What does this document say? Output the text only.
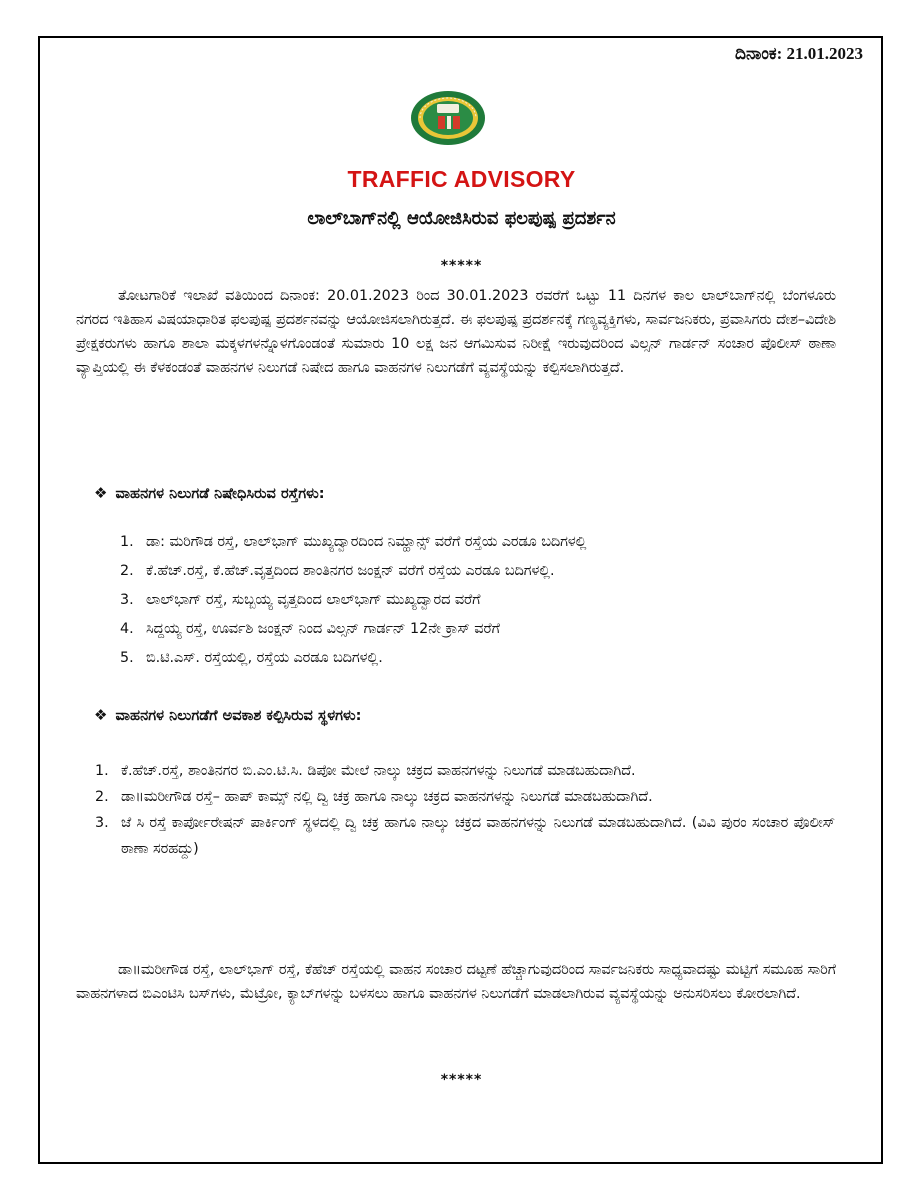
ದಿನಾಂಕ: 21.01.2023
TRAFFIC ADVISORY
ಲಾಲ್‌ಬಾಗ್‌ನಲ್ಲಿ ಆಯೋಜಿಸಿರುವ ಫಲಪುಷ್ಪ ಪ್ರದರ್ಶನ
*****

ತೋಟಗಾರಿಕೆ ಇಲಾಖೆ ವತಿಯಿಂದ ದಿನಾಂಕ: 20.01.2023 ರಿಂದ 30.01.2023 ರವರೆಗೆ ಒಟ್ಟು 11 ದಿನಗಳ ಕಾಲ ಲಾಲ್‌ಬಾಗ್‌ನಲ್ಲಿ ಬೆಂಗಳೂರು ನಗರದ ಇತಿಹಾಸ ವಿಷಯಾಧಾರಿತ ಫಲಪುಷ್ಪ ಪ್ರದರ್ಶನವನ್ನು ಆಯೋಜಿಸಲಾಗಿರುತ್ತದೆ. ಈ ಫಲಪುಷ್ಪ ಪ್ರದರ್ಶನಕ್ಕೆ ಗಣ್ಯವ್ಯಕ್ತಿಗಳು, ಸಾರ್ವಜನಿಕರು, ಪ್ರವಾಸಿಗರು ದೇಶ–ವಿದೇಶಿ ಪ್ರೇಕ್ಷಕರುಗಳು ಹಾಗೂ ಶಾಲಾ ಮಕ್ಕಳಗಳನ್ನೊಳಗೊಂಡಂತೆ ಸುಮಾರು 10 ಲಕ್ಷ ಜನ ಆಗಮಿಸುವ ನಿರೀಕ್ಷೆ ಇರುವುದರಿಂದ ವಿಲ್ಸನ್ ಗಾರ್ಡನ್ ಸಂಚಾರ ಪೊಲೀಸ್ ಠಾಣಾ ವ್ಯಾಪ್ತಿಯಲ್ಲಿ ಈ ಕೆಳಕಂಡಂತೆ ವಾಹನಗಳ ನಿಲುಗಡೆ ನಿಷೇದ ಹಾಗೂ ವಾಹನಗಳ ನಿಲುಗಡೆಗೆ ವ್ಯವಸ್ಥೆಯನ್ನು ಕಲ್ಪಿಸಲಾಗಿರುತ್ತದೆ.

❖ ವಾಹನಗಳ ನಿಲುಗಡೆ ನಿಷೇಧಿಸಿರುವ ರಸ್ತೆಗಳು:
1. ಡಾ: ಮರಿಗೌಡ ರಸ್ತೆ, ಲಾಲ್‌ಭಾಗ್ ಮುಖ್ಯದ್ವಾರದಿಂದ ನಿಮ್ಹಾನ್ಸ್ ವರೆಗೆ ರಸ್ತೆಯ ಎರಡೂ ಬದಿಗಳಲ್ಲಿ
2. ಕೆ.ಹೆಚ್.ರಸ್ತೆ, ಕೆ.ಹೆಚ್.ವೃತ್ತದಿಂದ ಶಾಂತಿನಗರ ಜಂಕ್ಷನ್ ವರೆಗೆ ರಸ್ತೆಯ ಎರಡೂ ಬದಿಗಳಲ್ಲಿ.
3. ಲಾಲ್‌ಭಾಗ್ ರಸ್ತೆ, ಸುಬ್ಬಯ್ಯ ವೃತ್ತದಿಂದ ಲಾಲ್‌ಭಾಗ್ ಮುಖ್ಯದ್ವಾರದ ವರೆಗೆ
4. ಸಿದ್ದಯ್ಯ ರಸ್ತೆ, ಊರ್ವಶಿ ಜಂಕ್ಷನ್ ನಿಂದ ವಿಲ್ಸನ್ ಗಾರ್ಡನ್ 12ನೇ ಕ್ರಾಸ್ ವರೆಗೆ
5. ಬಿ.ಟಿ.ಎಸ್. ರಸ್ತೆಯಲ್ಲಿ, ರಸ್ತೆಯ ಎರಡೂ ಬದಿಗಳಲ್ಲಿ.
❖ ವಾಹನಗಳ ನಿಲುಗಡೆಗೆ ಅವಕಾಶ ಕಲ್ಪಿಸಿರುವ ಸ್ಥಳಗಳು:
1. ಕೆ.ಹೆಚ್.ರಸ್ತೆ, ಶಾಂತಿನಗರ ಬಿ.ಎಂ.ಟಿ.ಸಿ. ಡಿಪೋ ಮೇಲೆ ನಾಲ್ಕು ಚಕ್ರದ ವಾಹನಗಳನ್ನು ನಿಲುಗಡೆ ಮಾಡಬಹುದಾಗಿದೆ.
2. ಡಾ॥ಮರೀಗೌಡ ರಸ್ತೆ– ಹಾಪ್ ಕಾಮ್ಸ್ ನಲ್ಲಿ ದ್ವಿ ಚಕ್ರ ಹಾಗೂ ನಾಲ್ಕು ಚಕ್ರದ ವಾಹನಗಳನ್ನು ನಿಲುಗಡೆ ಮಾಡಬಹುದಾಗಿದೆ.
3. ಜೆ ಸಿ ರಸ್ತೆ ಕಾರ್ಪೋರೇಷನ್ ಪಾರ್ಕಿಂಗ್ ಸ್ಥಳದಲ್ಲಿ ದ್ವಿ ಚಕ್ರ ಹಾಗೂ ನಾಲ್ಕು ಚಕ್ರದ ವಾಹನಗಳನ್ನು ನಿಲುಗಡೆ ಮಾಡಬಹುದಾಗಿದೆ. (ವಿವಿ ಪುರಂ ಸಂಚಾರ ಪೊಲೀಸ್ ಠಾಣಾ ಸರಹದ್ದು)

ಡಾ॥ಮರೀಗೌಡ ರಸ್ತೆ, ಲಾಲ್‌ಭಾಗ್ ರಸ್ತೆ, ಕೆಹೆಚ್ ರಸ್ತೆಯಲ್ಲಿ ವಾಹನ ಸಂಚಾರ ದಟ್ಟಣೆ ಹೆಚ್ಚಾಗುವುದರಿಂದ ಸಾರ್ವಜನಿಕರು ಸಾಧ್ಯವಾದಷ್ಟು ಮಟ್ಟಿಗೆ ಸಮೂಹ ಸಾರಿಗೆ ವಾಹನಗಳಾದ ಬಿಎಂಟಿಸಿ ಬಸ್‌ಗಳು, ಮೆಟ್ರೋ, ಕ್ಯಾಬ್‌ಗಳನ್ನು ಬಳಸಲು ಹಾಗೂ ವಾಹನಗಳ ನಿಲುಗಡೆಗೆ ಮಾಡಲಾಗಿರುವ ವ್ಯವಸ್ಥೆಯನ್ನು ಅನುಸರಿಸಲು ಕೋರಲಾಗಿದೆ.

*****
